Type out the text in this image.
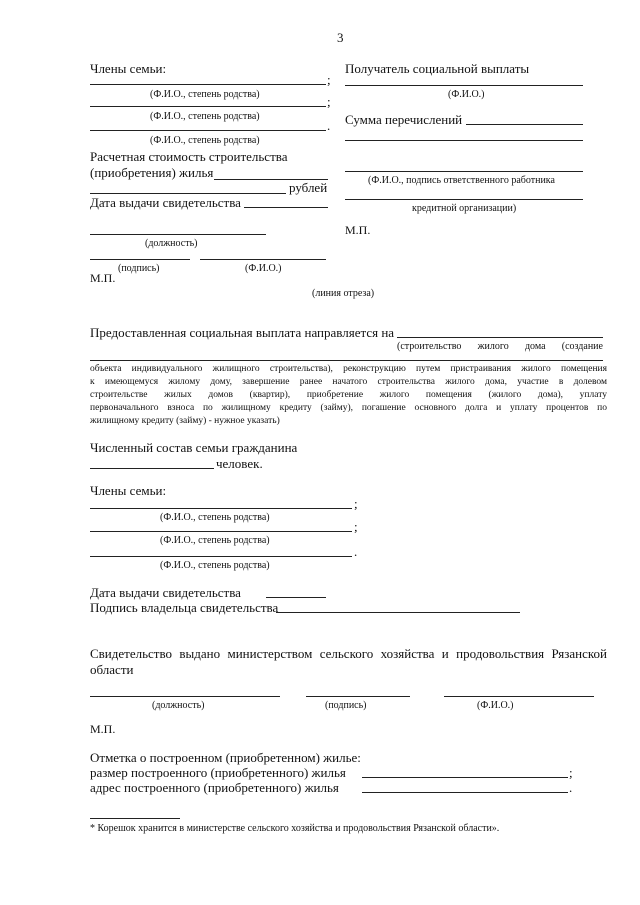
3
Члены семьи:
;
(Ф.И.О., степень родства)	;
(Ф.И.О., степень родства)
.
(Ф.И.О., степень родства)
Расчетная стоимость строительства
(приобретения) жилья
рублей
Дата выдачи свидетельства
(должность)
(подпись)	(Ф.И.О.)
М.П.
Получатель социальной выплаты
(Ф.И.О.)
Сумма перечислений
(Ф.И.О., подпись ответственного работника
кредитной организации)
М.П.
(линия отреза)
Предоставленная социальная выплата направляется на
(строительство жилого дома (создание
объекта индивидуального жилищного строительства), реконструкцию путем пристраивания жилого помещения
к имеющемуся жилому дому, завершение ранее начатого строительства жилого дома, участие в долевом
строительстве жилых домов (квартир), приобретение жилого помещения (жилого дома), уплату
первоначального взноса по жилищному кредиту (займу), погашение основного долга и уплату процентов по
жилищному кредиту (займу) - нужное указать)
Численный состав семьи гражданина
человек.
Члены семьи:
;
(Ф.И.О., степень родства)
;
(Ф.И.О., степень родства)
.
(Ф.И.О., степень родства)
Дата выдачи свидетельства
Подпись владельца свидетельства
Свидетельство выдано министерством сельского хозяйства и продовольствия Рязанской
области
(должность)	(подпись)	(Ф.И.О.)
М.П.
Отметка о построенном (приобретенном) жилье:
размер построенного (приобретенного) жилья	;
адрес построенного (приобретенного) жилья	.
* Корешок хранится в министерстве сельского хозяйства и продовольствия Рязанской области».
